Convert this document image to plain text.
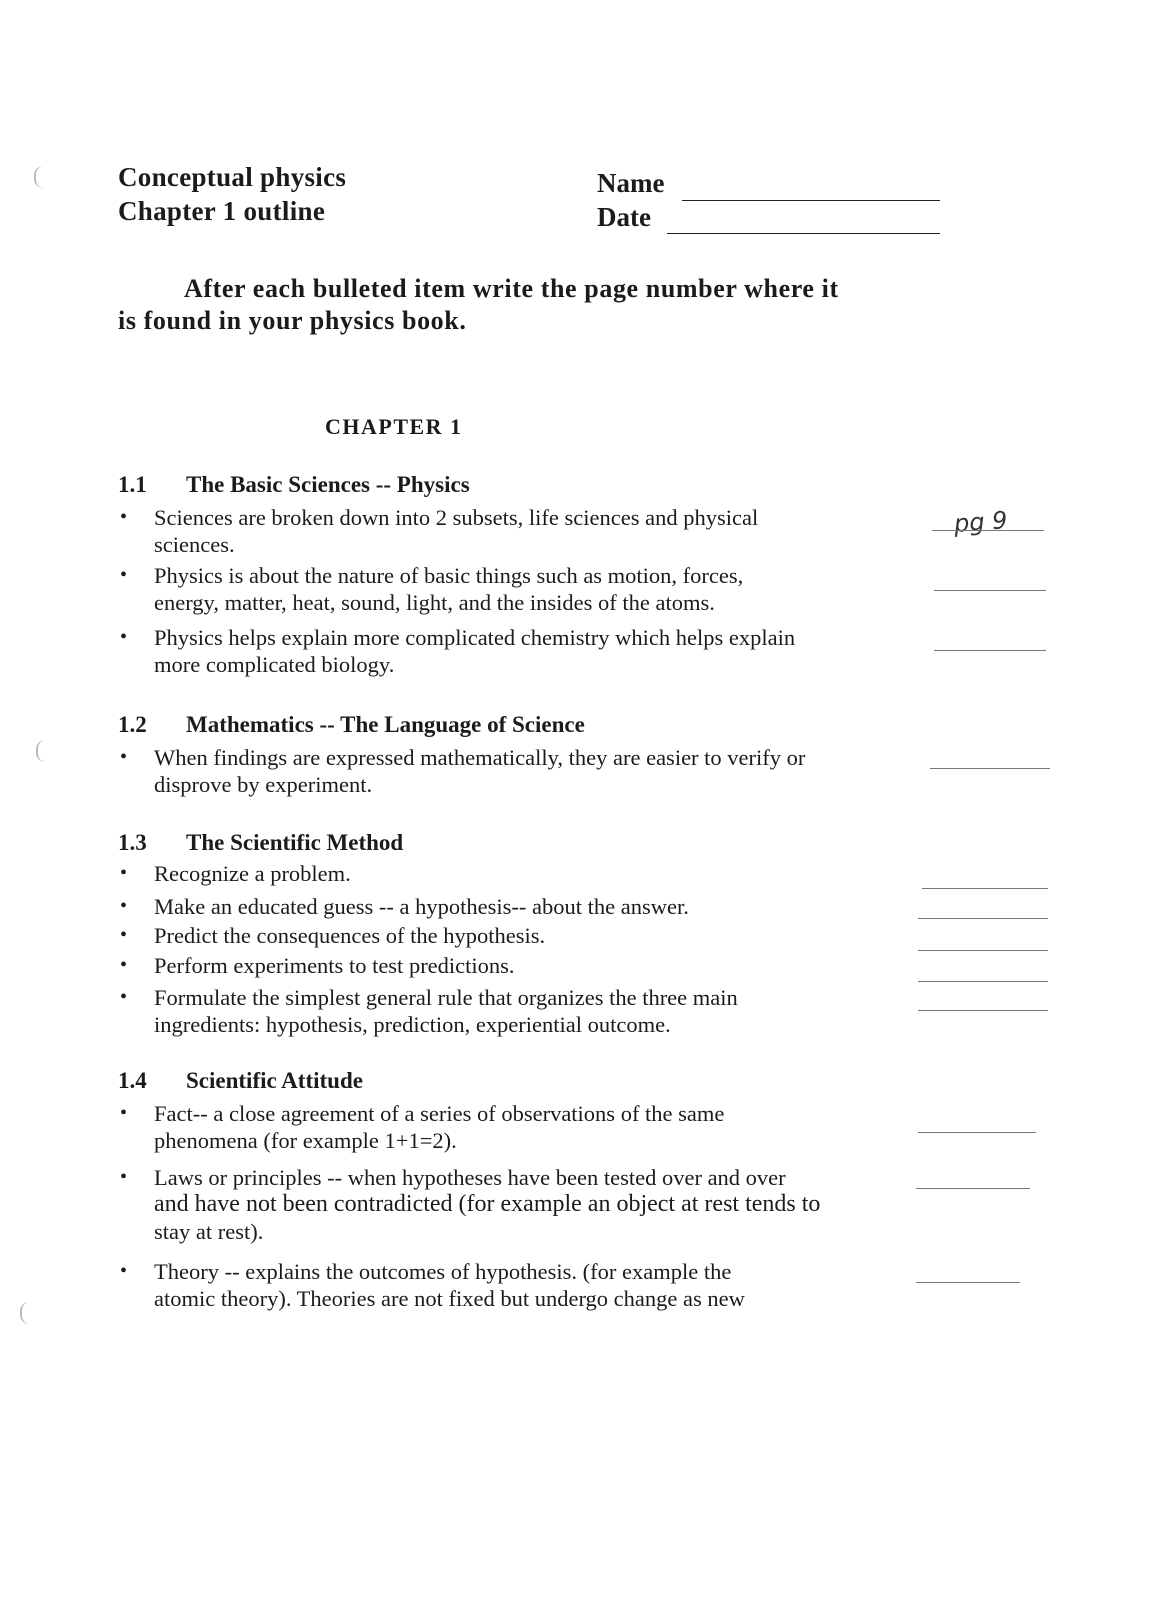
Conceptual physics
Chapter 1 outline
Name
Date
After each bulleted item write the page number where it
is found in your physics book.
CHAPTER 1
1.1 The Basic Sciences -- Physics
• Sciences are broken down into 2 subsets, life sciences and physical
sciences.
pg 9
• Physics is about the nature of basic things such as motion, forces,
energy, matter, heat, sound, light, and the insides of the atoms.
• Physics helps explain more complicated chemistry which helps explain
more complicated biology.
1.2 Mathematics -- The Language of Science
• When findings are expressed mathematically, they are easier to verify or
disprove by experiment.
1.3 The Scientific Method
• Recognize a problem.
• Make an educated guess -- a hypothesis-- about the answer.
• Predict the consequences of the hypothesis.
• Perform experiments to test predictions.
• Formulate the simplest general rule that organizes the three main
ingredients: hypothesis, prediction, experiential outcome.
1.4 Scientific Attitude
• Fact-- a close agreement of a series of observations of the same
phenomena (for example 1+1=2).
• Laws or principles -- when hypotheses have been tested over and over
and have not been contradicted (for example an object at rest tends to
stay at rest).
• Theory -- explains the outcomes of hypothesis. (for example the
atomic theory). Theories are not fixed but undergo change as new
